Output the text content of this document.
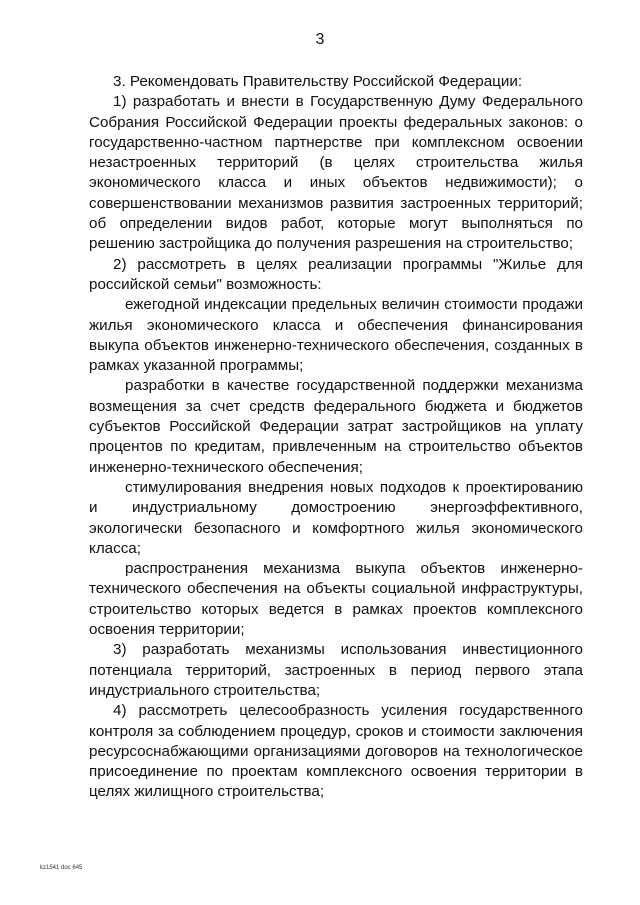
3

3. Рекомендовать Правительству Российской Федерации:

1) разработать и внести в Государственную Думу Федерального Собрания Российской Федерации проекты федеральных законов: о государственно-частном партнерстве при комплексном освоении незастроенных территорий (в целях строительства жилья экономического класса и иных объектов недвижимости); о совершенствовании механизмов развития застроенных территорий; об определении видов работ, которые могут выполняться по решению застройщика до получения разрешения на строительство;

2) рассмотреть в целях реализации программы "Жилье для российской семьи" возможность:

ежегодной индексации предельных величин стоимости продажи жилья экономического класса и обеспечения финансирования выкупа объектов инженерно-технического обеспечения, созданных в рамках указанной программы;

разработки в качестве государственной поддержки механизма возмещения за счет средств федерального бюджета и бюджетов субъектов Российской Федерации затрат застройщиков на уплату процентов по кредитам, привлеченным на строительство объектов инженерно-технического обеспечения;

стимулирования внедрения новых подходов к проектированию и индустриальному домостроению энергоэффективного, экологически безопасного и комфортного жилья экономического класса;

распространения механизма выкупа объектов инженерно-технического обеспечения на объекты социальной инфраструктуры, строительство которых ведется в рамках проектов комплексного освоения территории;

3) разработать механизмы использования инвестиционного потенциала территорий, застроенных в период первого этапа индустриального строительства;

4) рассмотреть целесообразность усиления государственного контроля за соблюдением процедур, сроков и стоимости заключения ресурсоснабжающими организациями договоров на технологическое присоединение по проектам комплексного освоения территории в целях жилищного строительства;

kz1541 doc 645
